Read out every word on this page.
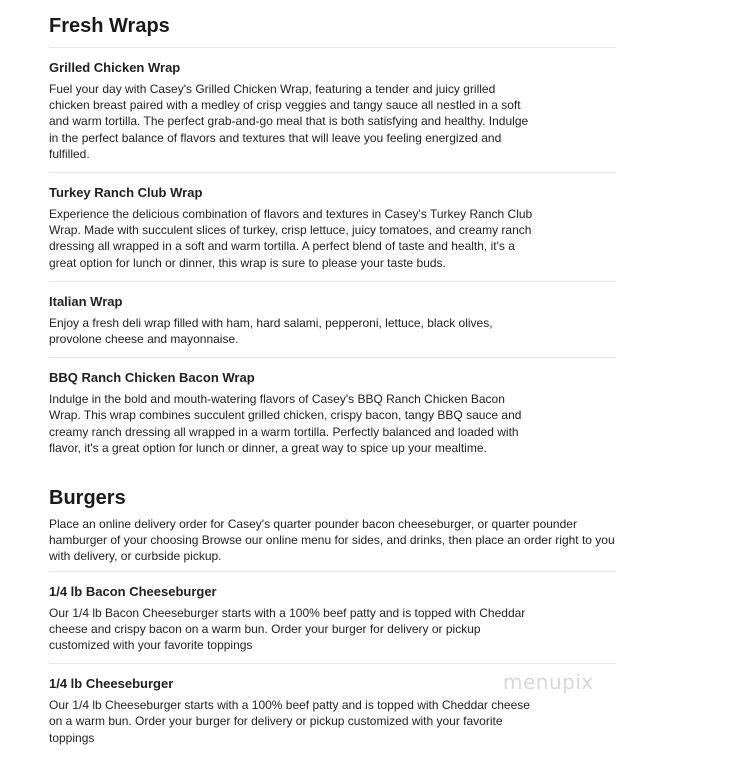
Fresh Wraps
Grilled Chicken Wrap

Fuel your day with Casey's Grilled Chicken Wrap, featuring a tender and juicy grilled chicken breast paired with a medley of crisp veggies and tangy sauce all nestled in a soft and warm tortilla. The perfect grab-and-go meal that is both satisfying and healthy. Indulge in the perfect balance of flavors and textures that will leave you feeling energized and fulfilled.

Turkey Ranch Club Wrap

Experience the delicious combination of flavors and textures in Casey's Turkey Ranch Club Wrap. Made with succulent slices of turkey, crisp lettuce, juicy tomatoes, and creamy ranch dressing all wrapped in a soft and warm tortilla. A perfect blend of taste and health, it's a great option for lunch or dinner, this wrap is sure to please your taste buds.

Italian Wrap

Enjoy a fresh deli wrap filled with ham, hard salami, pepperoni, lettuce, black olives, provolone cheese and mayonnaise.

BBQ Ranch Chicken Bacon Wrap

Indulge in the bold and mouth-watering flavors of Casey's BBQ Ranch Chicken Bacon Wrap. This wrap combines succulent grilled chicken, crispy bacon, tangy BBQ sauce and creamy ranch dressing all wrapped in a warm tortilla. Perfectly balanced and loaded with flavor, it's a great option for lunch or dinner, a great way to spice up your mealtime.

Burgers

Place an online delivery order for Casey's quarter pounder bacon cheeseburger, or quarter pounder hamburger of your choosing Browse our online menu for sides, and drinks, then place an order right to you with delivery, or curbside pickup.

1/4 lb Bacon Cheeseburger

Our 1/4 lb Bacon Cheeseburger starts with a 100% beef patty and is topped with Cheddar cheese and crispy bacon on a warm bun. Order your burger for delivery or pickup customized with your favorite toppings

1/4 lb Cheeseburger

Our 1/4 lb Cheeseburger starts with a 100% beef patty and is topped with Cheddar cheese on a warm bun. Order your burger for delivery or pickup customized with your favorite toppings

menupix
